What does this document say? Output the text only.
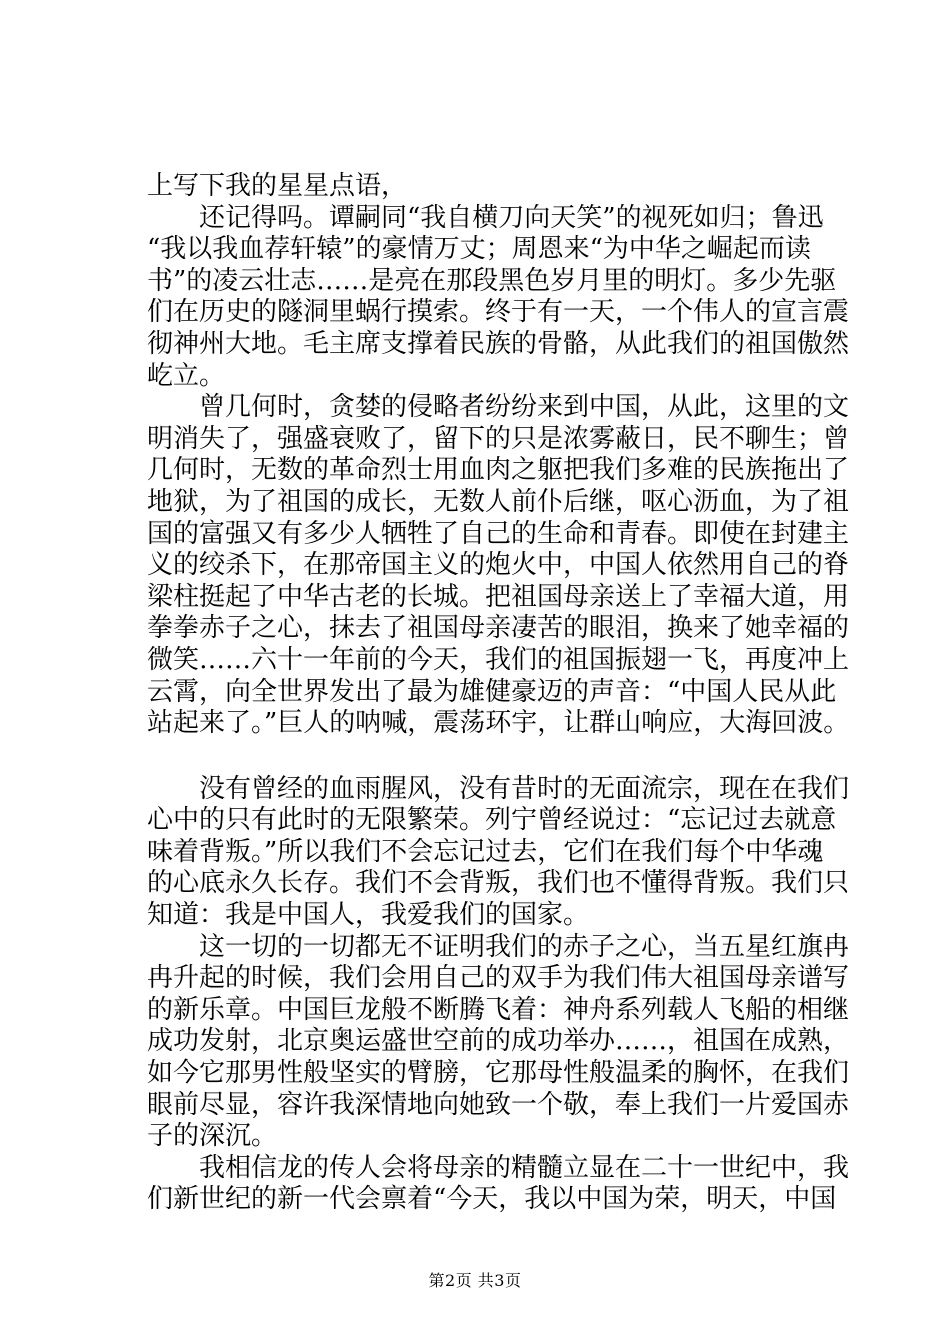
上写下我的星星点语，
　　还记得吗。谭嗣同“我自横刀向天笑”的视死如归；鲁迅
“我以我血荐轩辕”的豪情万丈；周恩来“为中华之崛起而读
书”的凌云壮志……是亮在那段黑色岁月里的明灯。多少先驱
们在历史的隧洞里蜗行摸索。终于有一天，一个伟人的宣言震
彻神州大地。毛主席支撑着民族的骨骼，从此我们的祖国傲然
屹立。
　　曾几何时，贪婪的侵略者纷纷来到中国，从此，这里的文
明消失了，强盛衰败了，留下的只是浓雾蔽日，民不聊生；曾
几何时，无数的革命烈士用血肉之躯把我们多难的民族拖出了
地狱，为了祖国的成长，无数人前仆后继，呕心沥血，为了祖
国的富强又有多少人牺牲了自己的生命和青春。即使在封建主
义的绞杀下，在那帝国主义的炮火中，中国人依然用自己的脊
梁柱挺起了中华古老的长城。把祖国母亲送上了幸福大道，用
拳拳赤子之心，抹去了祖国母亲凄苦的眼泪，换来了她幸福的
微笑……六十一年前的今天，我们的祖国振翅一飞，再度冲上
云霄，向全世界发出了最为雄健豪迈的声音：“中国人民从此
站起来了。”巨人的呐喊，震荡环宇，让群山响应，大海回波。
　　没有曾经的血雨腥风，没有昔时的无面流宗，现在在我们
心中的只有此时的无限繁荣。列宁曾经说过：“忘记过去就意
味着背叛。”所以我们不会忘记过去，它们在我们每个中华魂
的心底永久长存。我们不会背叛，我们也不懂得背叛。我们只
知道：我是中国人，我爱我们的国家。
　　这一切的一切都无不证明我们的赤子之心，当五星红旗冉
冉升起的时候，我们会用自己的双手为我们伟大祖国母亲谱写
的新乐章。中国巨龙般不断腾飞着：神舟系列载人飞船的相继
成功发射，北京奥运盛世空前的成功举办……，祖国在成熟，
如今它那男性般坚实的臂膀，它那母性般温柔的胸怀，在我们
眼前尽显，容许我深情地向她致一个敬，奉上我们一片爱国赤
子的深沉。
　　我相信龙的传人会将母亲的精髓立显在二十一世纪中，我
们新世纪的新一代会禀着“今天，我以中国为荣，明天，中国
第2页 共3页
